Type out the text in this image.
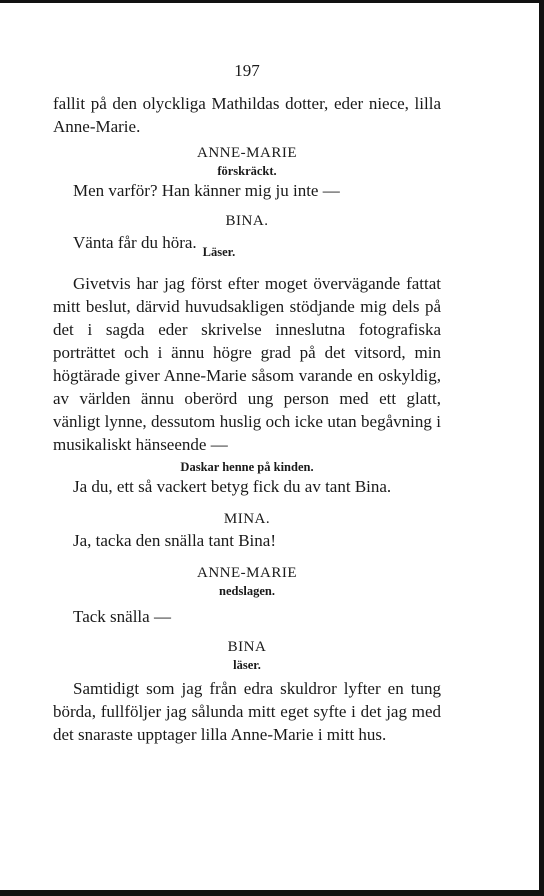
197

fallit på den olyckliga Mathildas dotter, eder niece, lilla Anne-Marie.

ANNE-MARIE
förskräckt.
Men varför? Han känner mig ju inte —
BINA.
Vänta får du höra. Läser.

Givetvis har jag först efter moget övervägande fattat mitt beslut, därvid huvudsakligen stödjande mig dels på det i sagda eder skrivelse inneslutna fotografiska porträttet och i ännu högre grad på det vitsord, min högtärade giver Anne-Marie såsom varande en oskyldig, av världen ännu oberörd ung person med ett glatt, vänligt lynne, dessutom huslig och icke utan begåvning i musikaliskt hänseende —

Daskar henne på kinden.

Ja du, ett så vackert betyg fick du av tant Bina.

MINA.
Ja, tacka den snälla tant Bina!
ANNE-MARIE
nedslagen.
Tack snälla —
BINA
läser.

Samtidigt som jag från edra skuldror lyfter en tung börda, fullföljer jag sålunda mitt eget syfte i det jag med det snaraste upptager lilla Anne-Marie i mitt hus.
